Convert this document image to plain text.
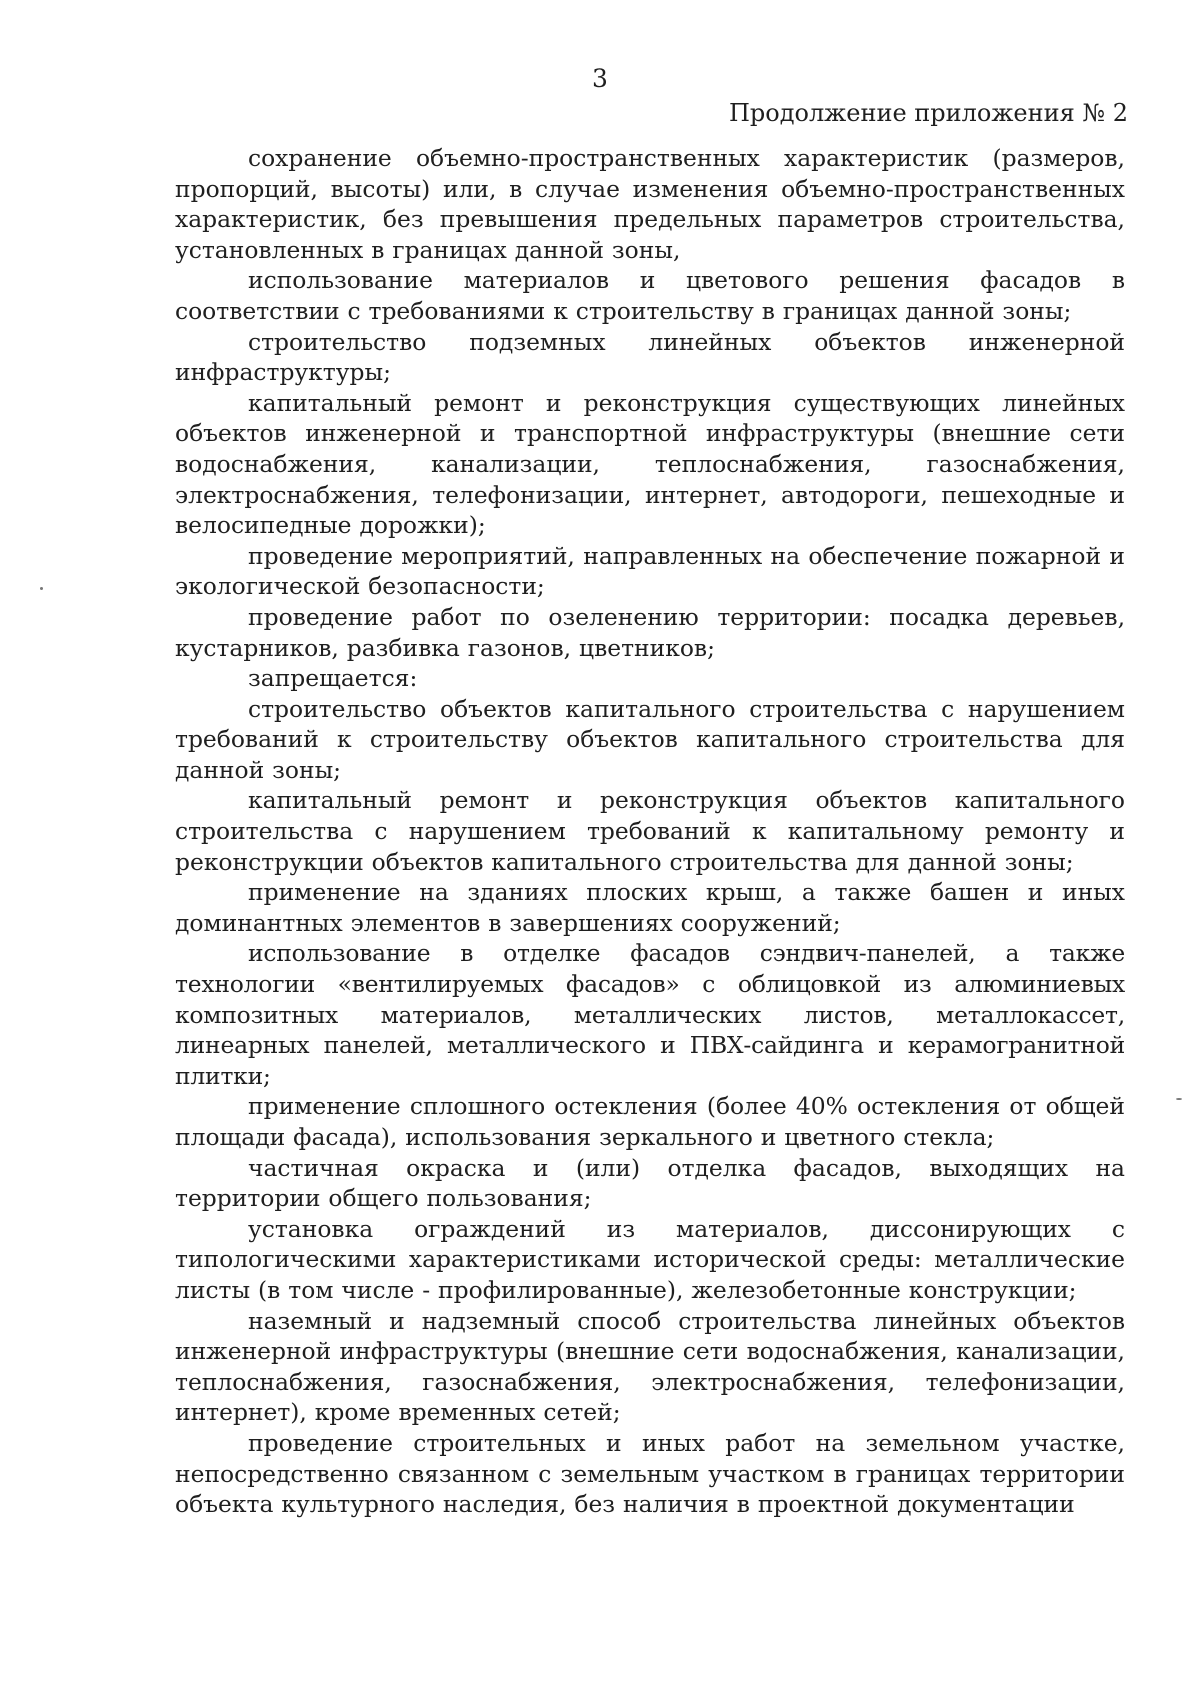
3
Продолжение приложения № 2

сохранение объемно-пространственных характеристик (размеров, пропорций, высоты) или, в случае изменения объемно-пространственных характеристик, без превышения предельных параметров строительства, установленных в границах данной зоны,

использование материалов и цветового решения фасадов в соответствии с требованиями к строительству в границах данной зоны;

строительство подземных линейных объектов инженерной инфраструктуры;

капитальный ремонт и реконструкция существующих линейных объектов инженерной и транспортной инфраструктуры (внешние сети водоснабжения, канализации, теплоснабжения, газоснабжения, электроснабжения, телефонизации, интернет, автодороги, пешеходные и велосипедные дорожки);

проведение мероприятий, направленных на обеспечение пожарной и экологической безопасности;

проведение работ по озеленению территории: посадка деревьев, кустарников, разбивка газонов, цветников;

запрещается:

строительство объектов капитального строительства с нарушением требований к строительству объектов капитального строительства для данной зоны;

капитальный ремонт и реконструкция объектов капитального строительства с нарушением требований к капитальному ремонту и реконструкции объектов капитального строительства для данной зоны;

применение на зданиях плоских крыш, а также башен и иных доминантных элементов в завершениях сооружений;

использование в отделке фасадов сэндвич-панелей, а также технологии «вентилируемых фасадов» с облицовкой из алюминиевых композитных материалов, металлических листов, металлокассет, линеарных панелей, металлического и ПВХ-сайдинга и керамогранитной плитки;

применение сплошного остекления (более 40% остекления от общей площади фасада), использования зеркального и цветного стекла;

частичная окраска и (или) отделка фасадов, выходящих на территории общего пользования;

установка ограждений из материалов, диссонирующих с типологическими характеристиками исторической среды: металлические листы (в том числе - профилированные), железобетонные конструкции;

наземный и надземный способ строительства линейных объектов инженерной инфраструктуры (внешние сети водоснабжения, канализации, теплоснабжения, газоснабжения, электроснабжения, телефонизации, интернет), кроме временных сетей;

проведение строительных и иных работ на земельном участке, непосредственно связанном с земельным участком в границах территории объекта культурного наследия, без наличия в проектной документации
